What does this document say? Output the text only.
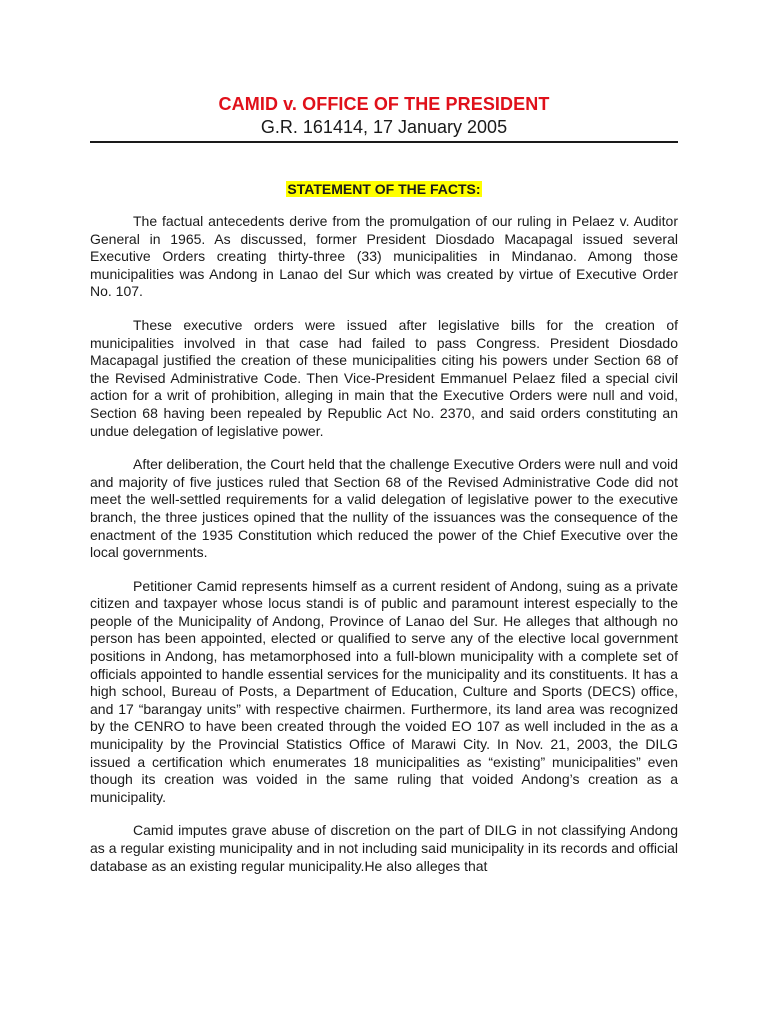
CAMID v. OFFICE OF THE PRESIDENT
G.R. 161414, 17 January 2005
STATEMENT OF THE FACTS:

The factual antecedents derive from the promulgation of our ruling in Pelaez v. Auditor General in 1965. As discussed, former President Diosdado Macapagal issued several Executive Orders creating thirty-three (33) municipalities in Mindanao. Among those municipalities was Andong in Lanao del Sur which was created by virtue of Executive Order No. 107.

These executive orders were issued after legislative bills for the creation of municipalities involved in that case had failed to pass Congress. President Diosdado Macapagal justified the creation of these municipalities citing his powers under Section 68 of the Revised Administrative Code. Then Vice-President Emmanuel Pelaez filed a special civil action for a writ of prohibition, alleging in main that the Executive Orders were null and void, Section 68 having been repealed by Republic Act No. 2370, and said orders constituting an undue delegation of legislative power.

After deliberation, the Court held that the challenge Executive Orders were null and void and majority of five justices ruled that Section 68 of the Revised Administrative Code did not meet the well-settled requirements for a valid delegation of legislative power to the executive branch, the three justices opined that the nullity of the issuances was the consequence of the enactment of the 1935 Constitution which reduced the power of the Chief Executive over the local governments.

Petitioner Camid represents himself as a current resident of Andong, suing as a private citizen and taxpayer whose locus standi is of public and paramount interest especially to the people of the Municipality of Andong, Province of Lanao del Sur. He alleges that although no person has been appointed, elected or qualified to serve any of the elective local government positions in Andong, has metamorphosed into a full-blown municipality with a complete set of officials appointed to handle essential services for the municipality and its constituents. It has a high school, Bureau of Posts, a Department of Education, Culture and Sports (DECS) office, and 17 “barangay units” with respective chairmen. Furthermore, its land area was recognized by the CENRO to have been created through the voided EO 107 as well included in the as a municipality by the Provincial Statistics Office of Marawi City. In Nov. 21, 2003, the DILG issued a certification which enumerates 18 municipalities as “existing” municipalities” even though its creation was voided in the same ruling that voided Andong’s creation as a municipality.

Camid imputes grave abuse of discretion on the part of DILG in not classifying Andong as a regular existing municipality and in not including said municipality in its records and official database as an existing regular municipality.He also alleges that
